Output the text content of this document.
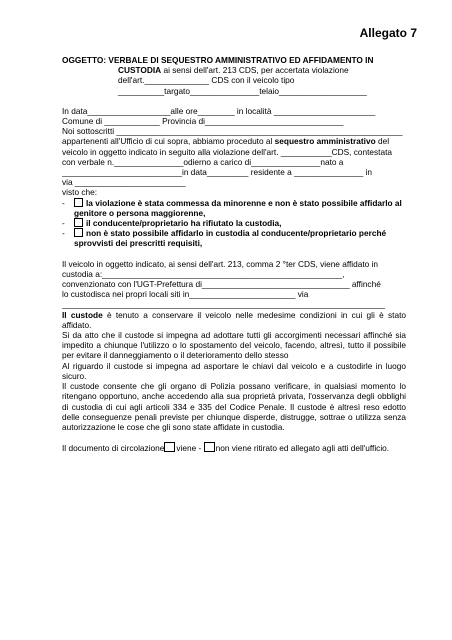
Allegato 7
OGGETTO: VERBALE DI SEQUESTRO AMMINISTRATIVO ED AFFIDAMENTO IN
CUSTODIA ai sensi dell'art. 213 CDS, per accertata violazione
dell'art.______________ CDS con il veicolo tipo
__________targato_______________telaio___________________
In data__________________alle ore________ in località ______________________
Comune di ____________ Provincia di______________________________
Noi sottoscritti ______________________________________________________________
appartenenti all'Ufficio di cui sopra, abbiamo proceduto al sequestro amministrativo del
veicolo in oggetto indicato in seguito alla violazione dell'art. ___________CDS, contestata
con verbale n._______________odierno a carico di_______________nato a
__________________________in data_________ residente a _______________ in
via ________________________
visto che:
-	la violazione è stata commessa da minorenne e non è stato possibile affidarlo al genitore o persona maggiorenne,
-	il conducente/proprietario ha rifiutato la custodia,
-	non è stato possibile affidarlo in custodia al conducente/proprietario perché sprovvisti dei prescritti requisiti,
Il veicolo in oggetto indicato, ai sensi dell'art. 213, comma 2 °ter CDS, viene affidato in
custodia a:____________________________________________________,
convenzionato con l'UGT-Prefettura di________________________________ affinché
lo custodisca nei propri locali siti in_______________________ via
______________________________________________________________________

Il custode è tenuto a conservare il veicolo nelle medesime condizioni in cui gli è stato affidato.

Si da atto che il custode si impegna ad adottare tutti gli accorgimenti necessari affinché sia impedito a chiunque l'utilizzo o lo spostamento del veicolo, facendo, altresì, tutto il possibile per evitare il danneggiamento o il deterioramento dello stesso

Al riguardo il custode si impegna ad asportare le chiavi dal veicolo e a custodirle in luogo sicuro.

Il custode consente che gli organo di Polizia possano verificare, in qualsiasi momento lo ritengano opportuno, anche accedendo alla sua proprietà privata, l'osservanza degli obblighi di custodia di cui agli articoli 334 e 335 del Codice Penale. Il custode è altresì reso edotto delle conseguenze penali previste per chiunque disperde, distrugge, sottrae o utilizza senza autorizzazione le cose che gli sono state affidate in custodia.

Il documento di circolazione viene - non viene ritirato ed allegato agli atti dell'ufficio.
